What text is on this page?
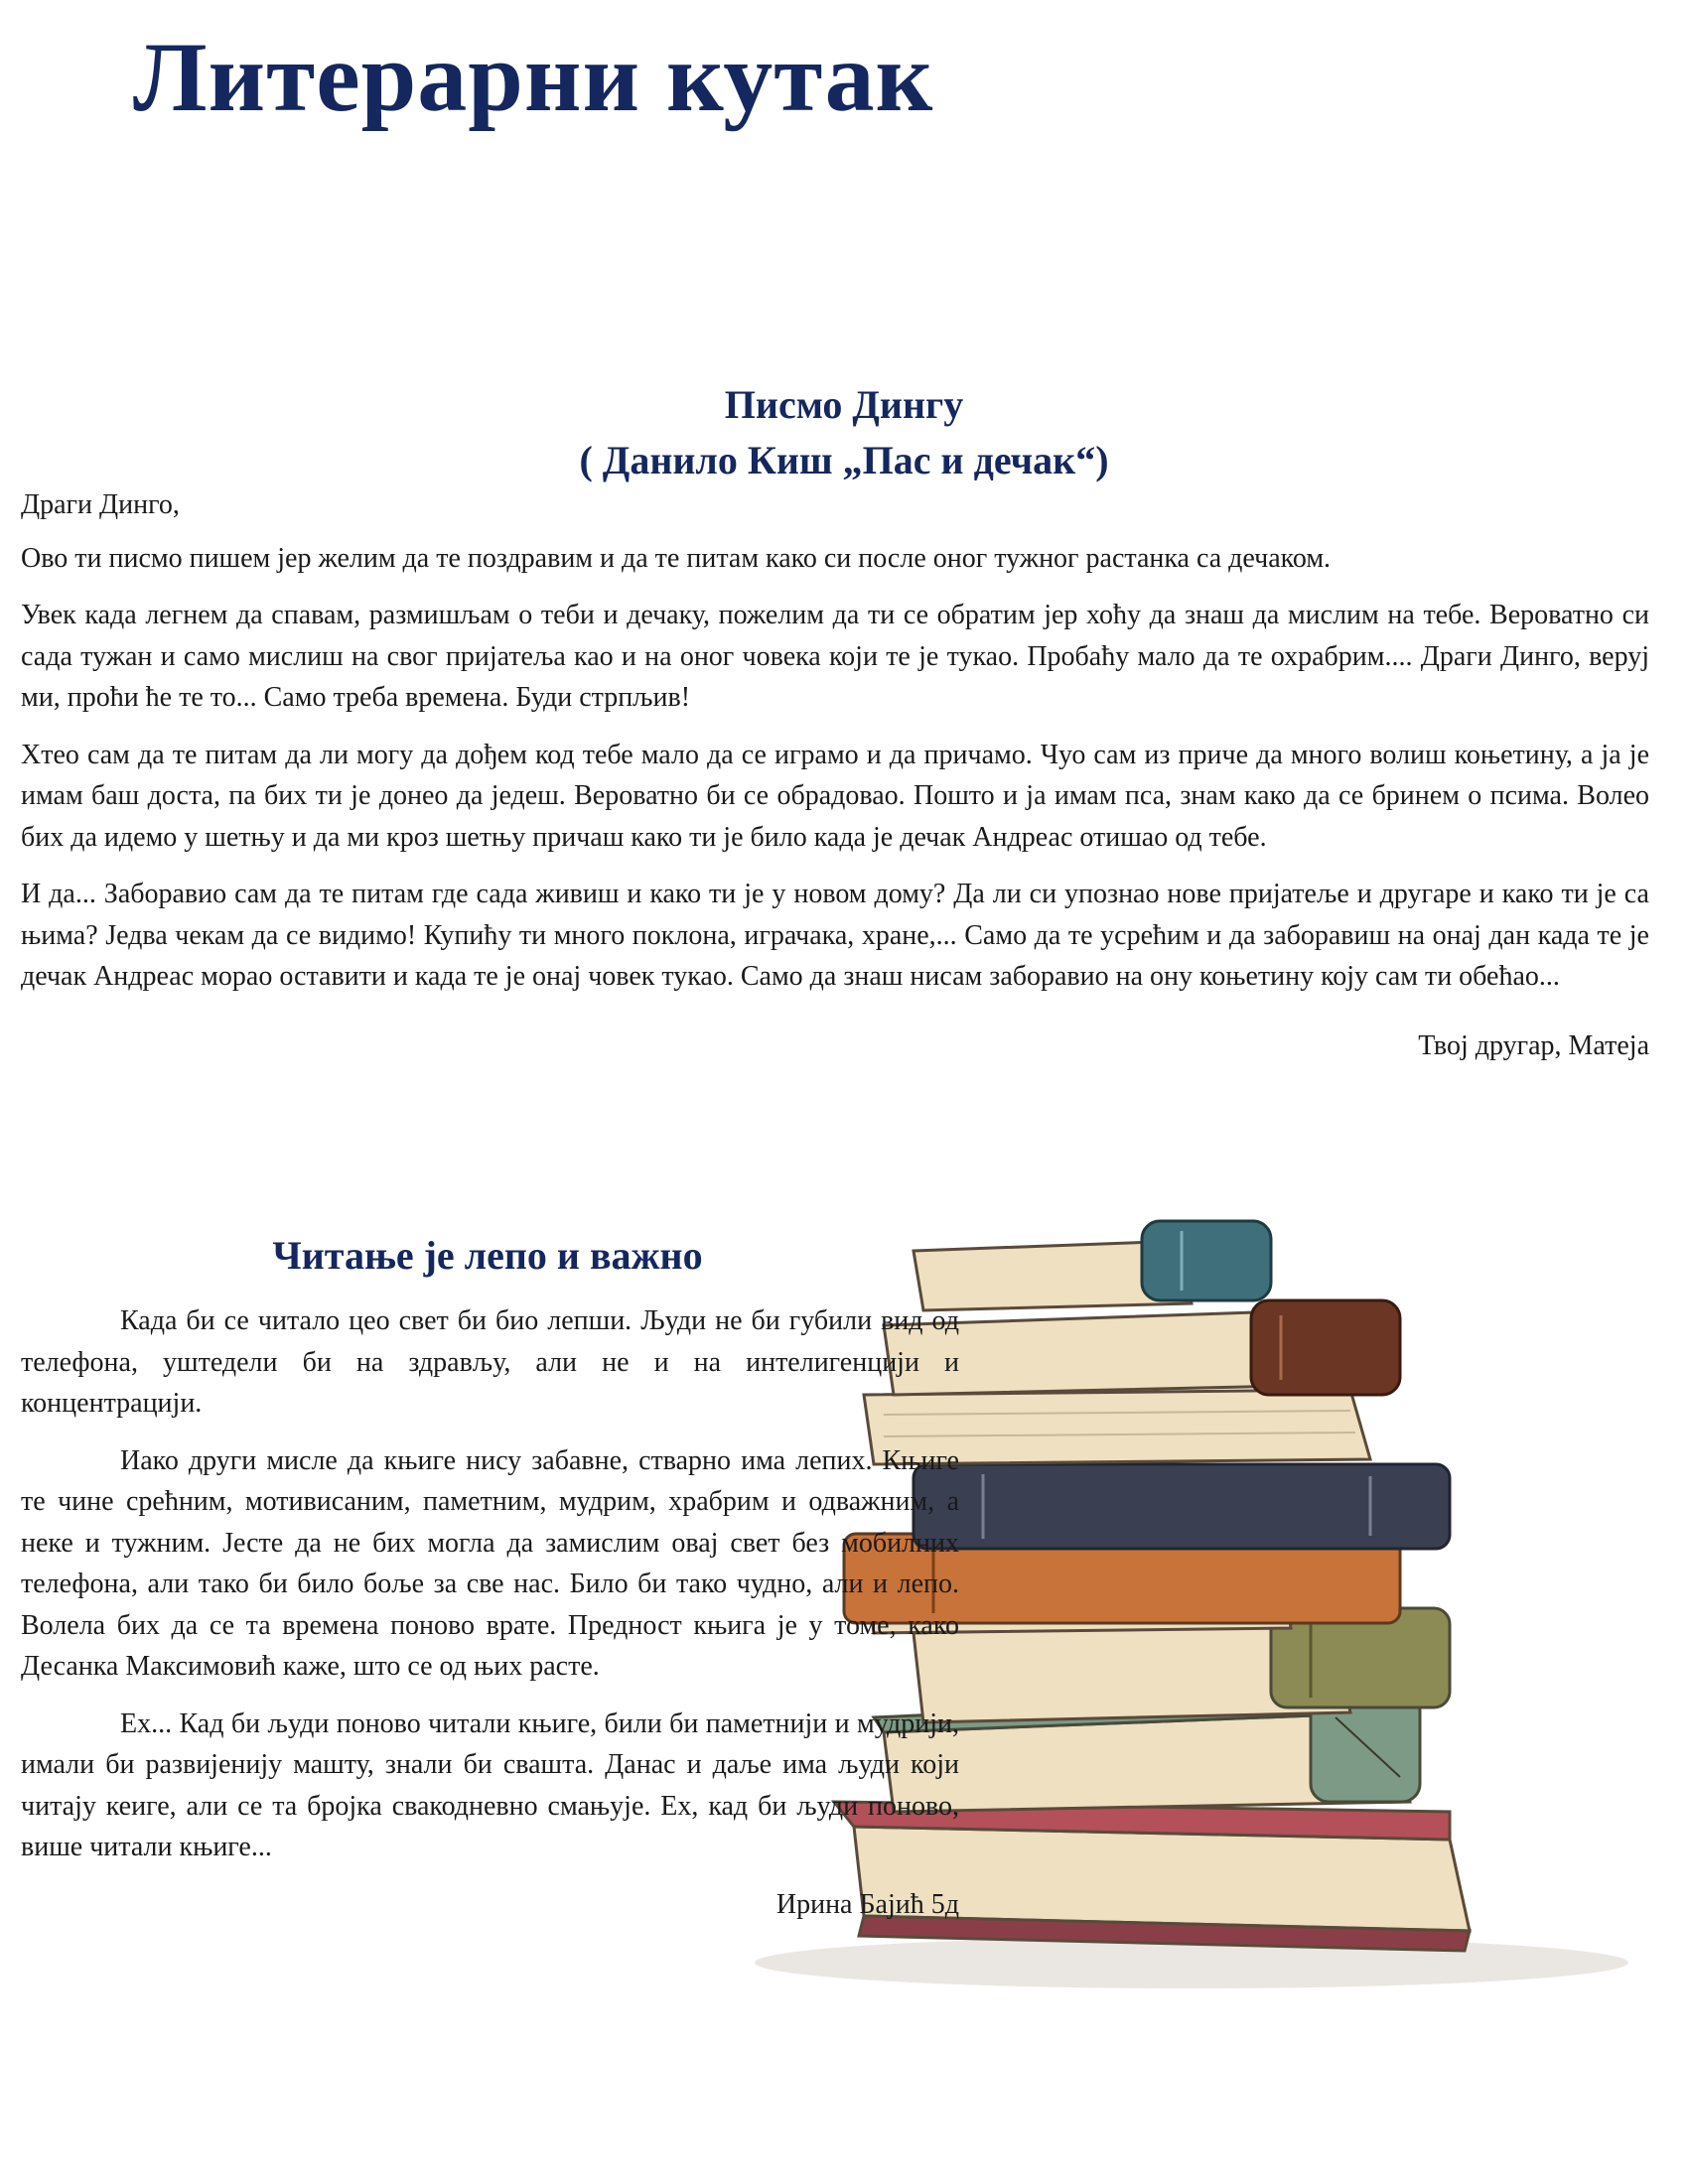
Литерарни кутак
Писмо Дингу
( Данило Киш „Пас и дечак“)

Драги Динго,

Ово ти писмо пишем јер желим да те поздравим и да те питам како си после оног тужног растанка са дечаком.

Увек када легнем да спавам, размишљам о теби и дечаку, пожелим да ти се обратим јер хоћу да знаш да мислим на тебе. Вероватно си сада тужан и само мислиш на свог пријатеља као и на оног човека који те је тукао. Пробаћу мало да те охрабрим.... Драги Динго, веруј ми, проћи ће те то... Само треба времена. Буди стрпљив!

Хтео сам да те питам да ли могу да дођем код тебе мало да се играмо и да причамо. Чуо сам из приче да много волиш коњетину, а ја је имам баш доста, па бих ти је донео да једеш. Вероватно би се обрадовао. Пошто и ја имам пса, знам како да се бринем о псима. Волео бих да идемо у шетњу и да ми кроз шетњу причаш како ти је било када је дечак Андреас отишао од тебе.

И да... Заборавио сам да те питам где сада живиш и како ти је у новом дому? Да ли си упознао нове пријатеље и другаре и како ти је са њима? Једва чекам да се видимо! Купићу ти много поклона, играчака, хране,... Само да те усрећим и да заборавиш на онај дан када те је дечак Андреас морао оставити и када те је онај човек тукао. Само да знаш нисам заборавио на ону коњетину коју сам ти обећао...

Твој другар, Матеја

Читање је лепо и важно

Када би се читало цео свет би био лепши. Људи не би губили вид од телефона, уштедели би на здрављу, али не и на интелигенцији и концентрацији.

Иако други мисле да књиге нису забавне, стварно има лепих. Књиге те чине срећним, мотивисаним, паметним, мудрим, храбрим и одважним, а неке и тужним. Јесте да не бих могла да замислим овај свет без мобилних телефона, али тако би било боље за све нас. Било би тако чудно, али и лепо. Волела бих да се та времена поново врате. Предност књига је у томе, како Десанка Максимовић каже, што се од њих расте.

Ех... Кад би људи поново читали књиге, били би паметнији и мудрији, имали би развијенију машту, знали би свашта. Данас и даље има људи који читају кеиге, али се та бројка свакодневно смањује. Ех, кад би људи поново, више читали књиге...

Ирина Бајић 5д
